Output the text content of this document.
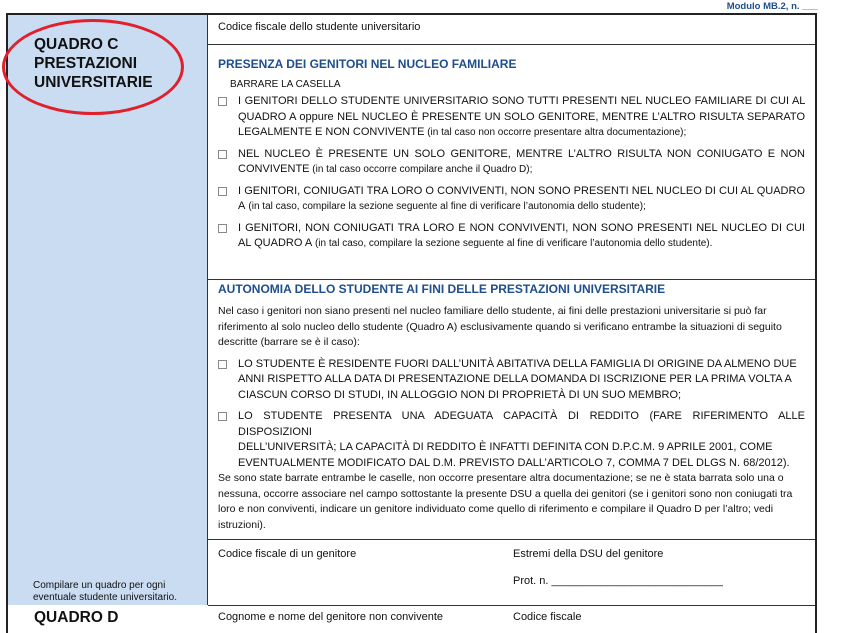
Modulo MB.2, n. ___
QUADRO C
PRESTAZIONI
UNIVERSITARIE
Compilare un quadro per ogni eventuale studente universitario.
QUADRO D
Codice fiscale dello studente universitario

PRESENZA DEI GENITORI NEL NUCLEO FAMILIARE

BARRARE LA CASELLA
I GENITORI DELLO STUDENTE UNIVERSITARIO SONO TUTTI PRESENTI NEL NUCLEO FAMILIARE DI CUI AL QUADRO A oppure NEL NUCLEO È PRESENTE UN SOLO GENITORE, MENTRE L’ALTRO RISULTA SEPARATO LEGALMENTE E NON CONVIVENTE (in tal caso non occorre presentare altra documentazione);
NEL NUCLEO È PRESENTE UN SOLO GENITORE, MENTRE L’ALTRO RISULTA NON CONIUGATO E NON CONVIVENTE (in tal caso occorre compilare anche il Quadro D);
I GENITORI, CONIUGATI TRA LORO O CONVIVENTI, NON SONO PRESENTI NEL NUCLEO DI CUI AL QUADRO A (in tal caso, compilare la sezione seguente al fine di verificare l’autonomia dello studente);
I GENITORI, NON CONIUGATI TRA LORO E NON CONVIVENTI, NON SONO PRESENTI NEL NUCLEO DI CUI AL QUADRO A (in tal caso, compilare la sezione seguente al fine di verificare l’autonomia dello studente).

AUTONOMIA DELLO STUDENTE AI FINI DELLE PRESTAZIONI UNIVERSITARIE

Nel caso i genitori non siano presenti nel nucleo familiare dello studente, ai fini delle prestazioni universitarie si può far
riferimento al solo nucleo dello studente (Quadro A) esclusivamente quando si verificano entrambe la situazioni di seguito
descritte (barrare se è il caso):
LO STUDENTE È RESIDENTE FUORI DALL’UNITÀ ABITATIVA DELLA FAMIGLIA DI ORIGINE DA ALMENO DUE
ANNI RISPETTO ALLA DATA DI PRESENTAZIONE DELLA DOMANDA DI ISCRIZIONE PER LA PRIMA VOLTA A
CIASCUN CORSO DI STUDI, IN ALLOGGIO NON DI PROPRIETÀ DI UN SUO MEMBRO;
LO STUDENTE PRESENTA UNA ADEGUATA CAPACITÀ DI REDDITO (FARE RIFERIMENTO ALLE DISPOSIZIONI
DELL’UNIVERSITÀ; LA CAPACITÀ DI REDDITO È INFATTI DEFINITA CON D.P.C.M. 9 APRILE 2001, COME
EVENTUALMENTE MODIFICATO DAL D.M. PREVISTO DALL’ARTICOLO 7, COMMA 7 DEL DLGS N. 68/2012).
Se sono state barrate entrambe le caselle, non occorre presentare altra documentazione; se ne è stata barrata solo una o
nessuna, occorre associare nel campo sottostante la presente DSU a quella dei genitori (se i genitori sono non coniugati tra
loro e non conviventi, indicare un genitore individuato come quello di riferimento e compilare il Quadro D per l’altro; vedi
istruzioni).
Codice fiscale di un genitore	Estremi della DSU del genitore
Prot. n. ____________________________
Cognome e nome del genitore non convivente	Codice fiscale
